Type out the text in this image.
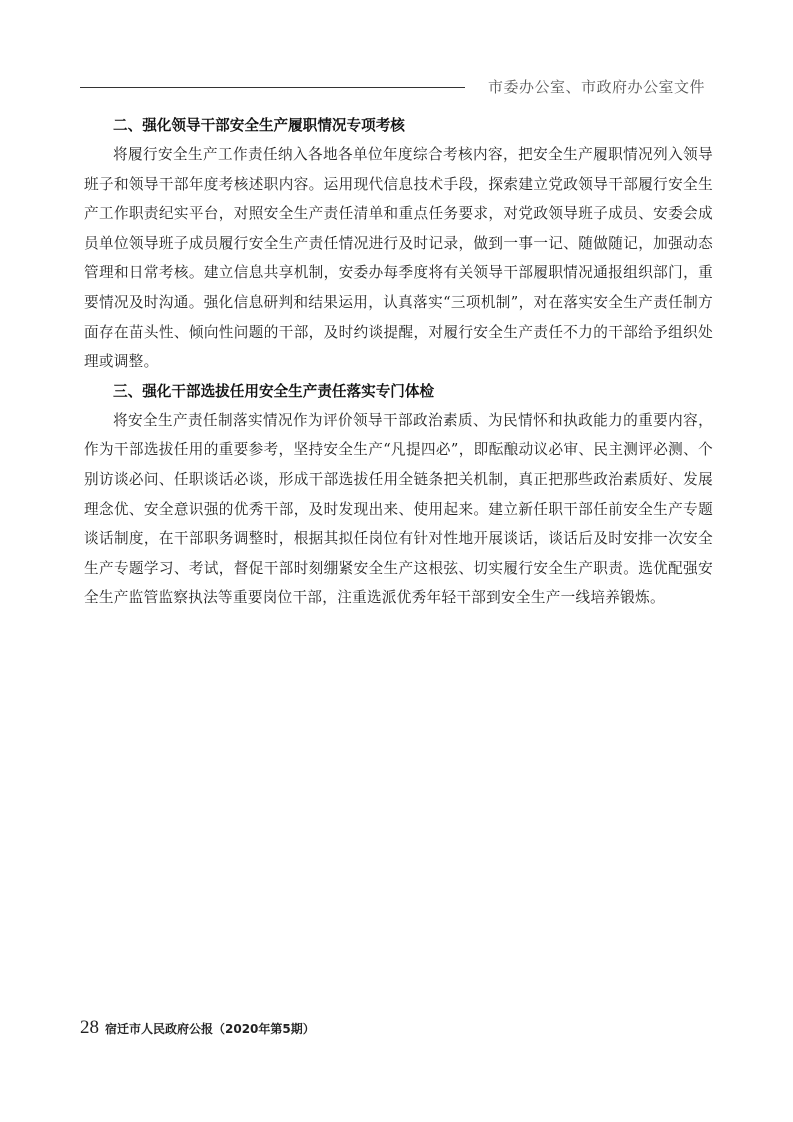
市委办公室、市政府办公室文件
二、强化领导干部安全生产履职情况专项考核

将履行安全生产工作责任纳入各地各单位年度综合考核内容，把安全生产履职情况列入领导班子和领导干部年度考核述职内容。运用现代信息技术手段，探索建立党政领导干部履行安全生产工作职责纪实平台，对照安全生产责任清单和重点任务要求，对党政领导班子成员、安委会成员单位领导班子成员履行安全生产责任情况进行及时记录，做到一事一记、随做随记，加强动态管理和日常考核。建立信息共享机制，安委办每季度将有关领导干部履职情况通报组织部门，重要情况及时沟通。强化信息研判和结果运用，认真落实“三项机制”，对在落实安全生产责任制方面存在苗头性、倾向性问题的干部，及时约谈提醒，对履行安全生产责任不力的干部给予组织处理或调整。

三、强化干部选拔任用安全生产责任落实专门体检

将安全生产责任制落实情况作为评价领导干部政治素质、为民情怀和执政能力的重要内容，作为干部选拔任用的重要参考，坚持安全生产“凡提四必”，即酝酿动议必审、民主测评必测、个别访谈必问、任职谈话必谈，形成干部选拔任用全链条把关机制，真正把那些政治素质好、发展理念优、安全意识强的优秀干部，及时发现出来、使用起来。建立新任职干部任前安全生产专题谈话制度，在干部职务调整时，根据其拟任岗位有针对性地开展谈话，谈话后及时安排一次安全生产专题学习、考试，督促干部时刻绷紧安全生产这根弦、切实履行安全生产职责。选优配强安全生产监管监察执法等重要岗位干部，注重选派优秀年轻干部到安全生产一线培养锻炼。

28 宿迁市人民政府公报（2020年第5期）
